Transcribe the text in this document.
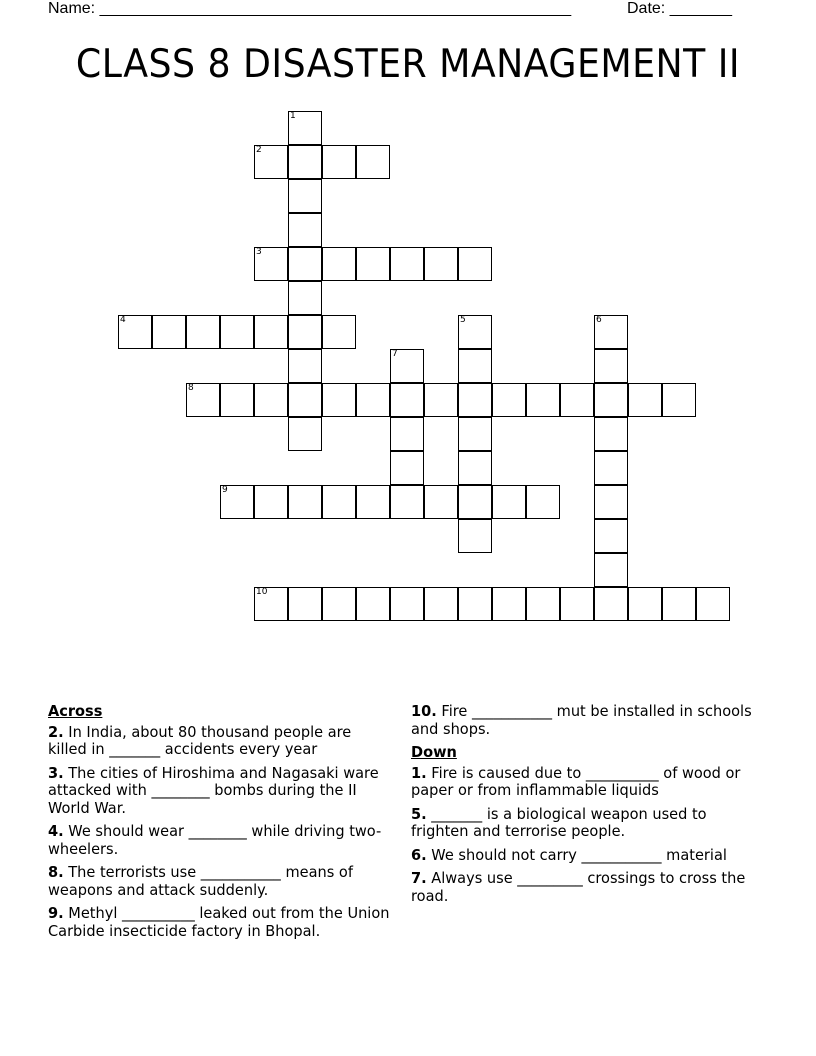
Name: _____________________________________________________	Date: _______
CLASS 8 DISASTER MANAGEMENT II
1
2
3
4	5	6
7
8
9
10
Across
2. In India, about 80 thousand people are killed in _______ accidents every year
3. The cities of Hiroshima and Nagasaki ware attacked with ________ bombs during the II World War.
4. We should wear ________ while driving two-wheelers.
8. The terrorists use ___________ means of weapons and attack suddenly.
9. Methyl __________ leaked out from the Union Carbide insecticide factory in Bhopal.
10. Fire ___________ mut be installed in schools and shops.
Down
1. Fire is caused due to __________ of wood or paper or from inflammable liquids
5. _______ is a biological weapon used to frighten and terrorise people.
6. We should not carry ___________ material
7. Always use _________ crossings to cross the road.
